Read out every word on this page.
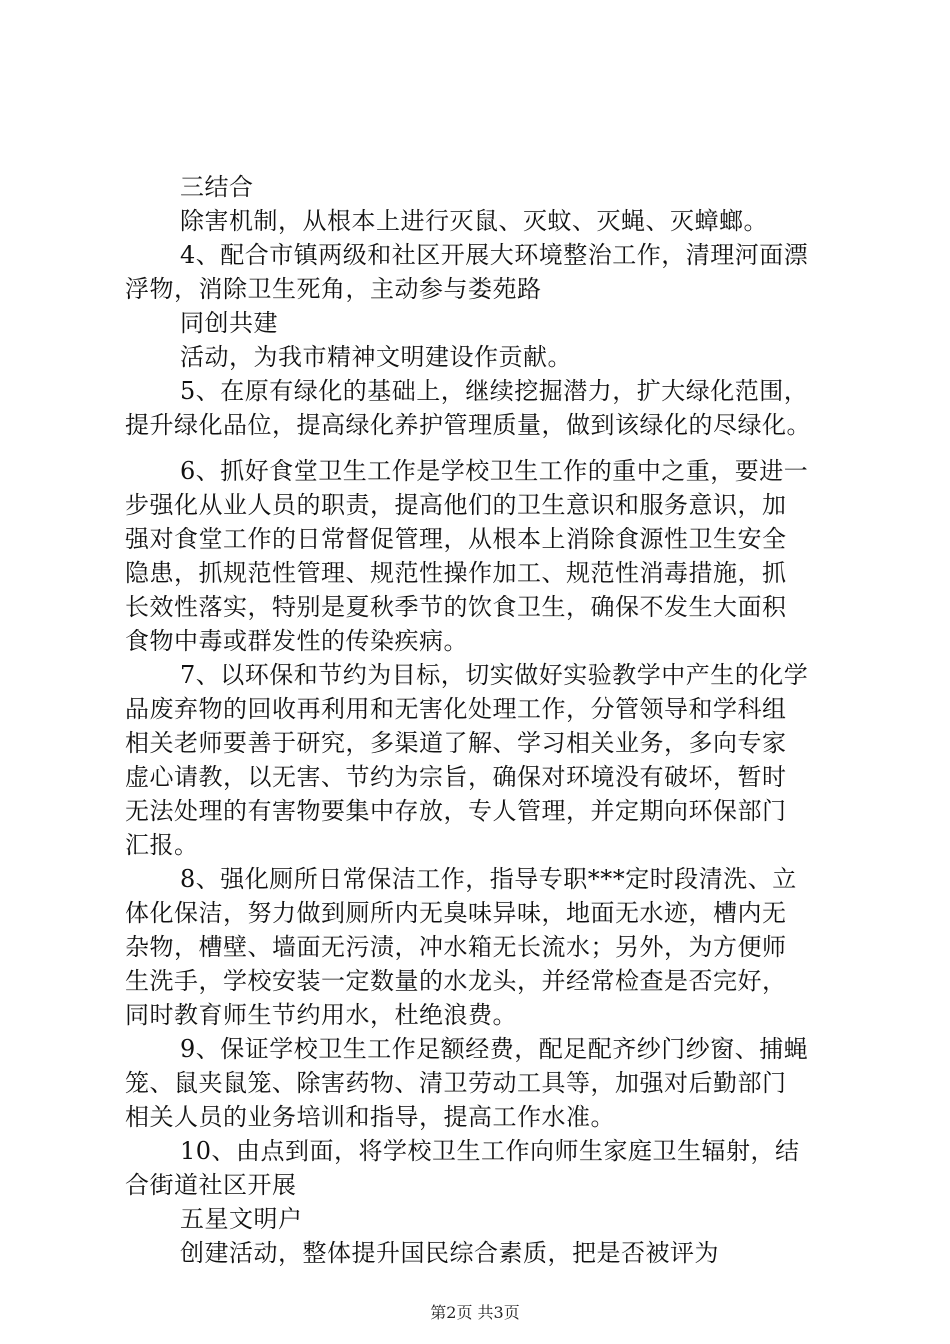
三结合
除害机制，从根本上进行灭鼠、灭蚊、灭蝇、灭蟑螂。
4、配合市镇两级和社区开展大环境整治工作，清理河面漂
浮物，消除卫生死角，主动参与娄苑路
同创共建
活动，为我市精神文明建设作贡献。
5、在原有绿化的基础上，继续挖掘潜力，扩大绿化范围，
提升绿化品位，提高绿化养护管理质量，做到该绿化的尽绿化。
6、抓好食堂卫生工作是学校卫生工作的重中之重，要进一
步强化从业人员的职责，提高他们的卫生意识和服务意识，加
强对食堂工作的日常督促管理，从根本上消除食源性卫生安全
隐患，抓规范性管理、规范性操作加工、规范性消毒措施，抓
长效性落实，特别是夏秋季节的饮食卫生，确保不发生大面积
食物中毒或群发性的传染疾病。
7、以环保和节约为目标，切实做好实验教学中产生的化学
品废弃物的回收再利用和无害化处理工作，分管领导和学科组
相关老师要善于研究，多渠道了解、学习相关业务，多向专家
虚心请教，以无害、节约为宗旨，确保对环境没有破坏，暂时
无法处理的有害物要集中存放，专人管理，并定期向环保部门
汇报。
8、强化厕所日常保洁工作，指导专职***定时段清洗、立
体化保洁，努力做到厕所内无臭味异味，地面无水迹，槽内无
杂物，槽壁、墙面无污渍，冲水箱无长流水；另外，为方便师
生洗手，学校安装一定数量的水龙头，并经常检查是否完好，
同时教育师生节约用水，杜绝浪费。
9、保证学校卫生工作足额经费，配足配齐纱门纱窗、捕蝇
笼、鼠夹鼠笼、除害药物、清卫劳动工具等，加强对后勤部门
相关人员的业务培训和指导，提高工作水准。
10、由点到面，将学校卫生工作向师生家庭卫生辐射，结
合街道社区开展
五星文明户
创建活动，整体提升国民综合素质，把是否被评为
第2页 共3页
